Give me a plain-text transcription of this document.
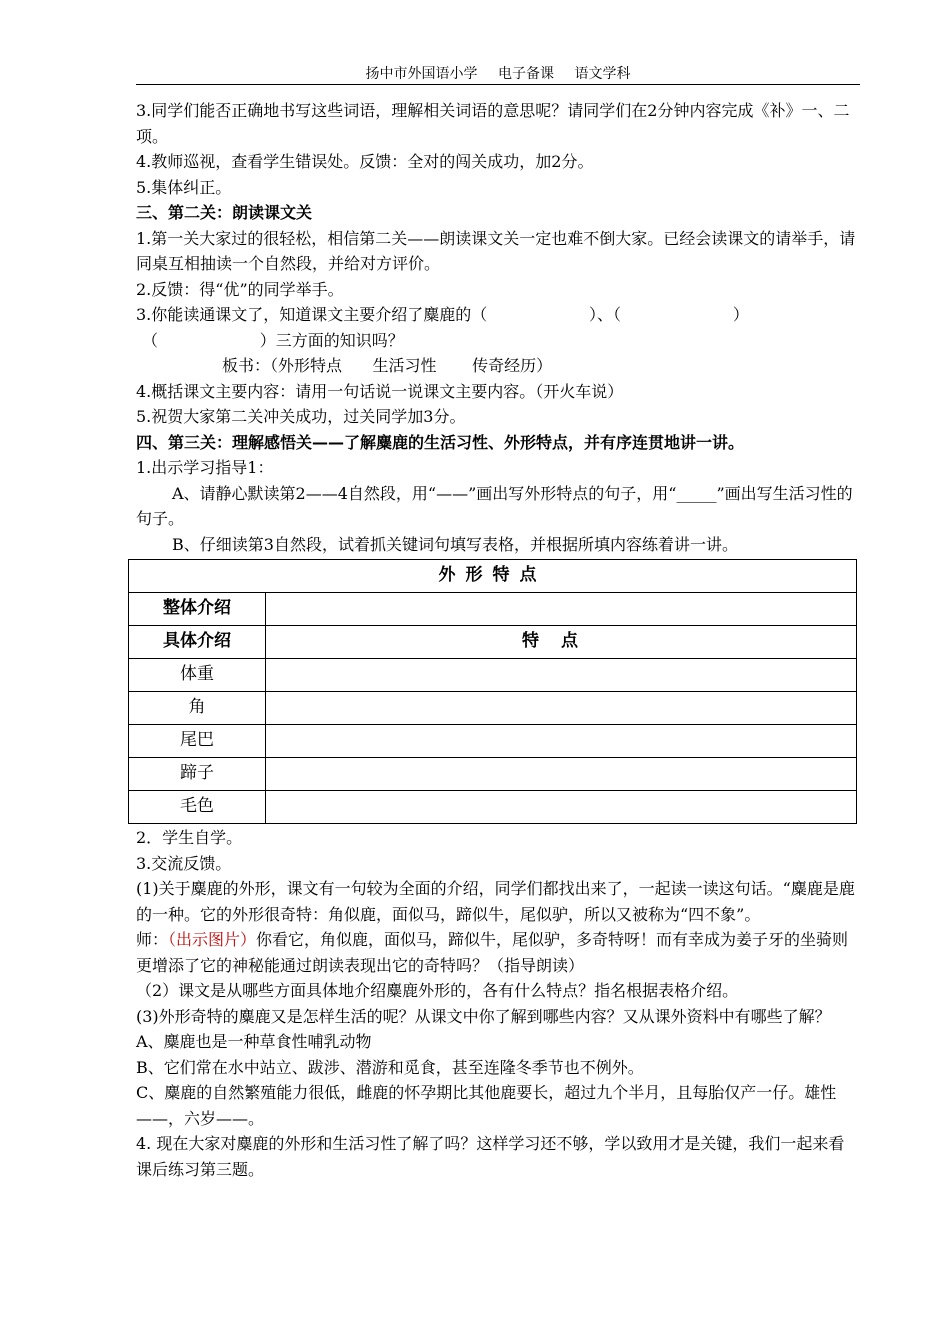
扬中市外国语小学 电子备课 语文学科

3.同学们能否正确地书写这些词语，理解相关词语的意思呢？请同学们在2分钟内容完成《补》一、二项。

4.教师巡视，查看学生错误处。反馈：全对的闯关成功，加2分。

5.集体纠正。

三、第二关：朗读课文关

1.第一关大家过的很轻松，相信第二关——朗读课文关一定也难不倒大家。已经会读课文的请举手，请同桌互相抽读一个自然段，并给对方评价。

2.反馈：得“优”的同学举手。

3.你能读通课文了，知道课文主要介绍了麋鹿的（                    ）、（                      ）

（                    ）三方面的知识吗？

板书：（外形特点      生活习性       传奇经历）

4.概括课文主要内容：请用一句话说一说课文主要内容。（开火车说）

5.祝贺大家第二关冲关成功，过关同学加3分。

四、第三关：理解感悟关——了解麋鹿的生活习性、外形特点，并有序连贯地讲一讲。

1.出示学习指导1：

A、请静心默读第2——4自然段，用“——”画出写外形特点的句子，用“_____”画出写生活习性的句子。

B、仔细读第3自然段，试着抓关键词句填写表格，并根据所填内容练着讲一讲。

外形特点	
整体介绍	
具体介绍	特点
体重	
角	
尾巴	
蹄子	
毛色	

2．学生自学。

3.交流反馈。

(1)关于麋鹿的外形，课文有一句较为全面的介绍，同学们都找出来了，一起读一读这句话。“麋鹿是鹿的一种。它的外形很奇特：角似鹿，面似马，蹄似牛，尾似驴，所以又被称为“四不象”。

师：（出示图片）你看它，角似鹿，面似马，蹄似牛，尾似驴，多奇特呀！而有幸成为姜子牙的坐骑则更增添了它的神秘能通过朗读表现出它的奇特吗？（指导朗读）

（2）课文是从哪些方面具体地介绍麋鹿外形的，各有什么特点？指名根据表格介绍。

(3)外形奇特的麋鹿又是怎样生活的呢？从课文中你了解到哪些内容？又从课外资料中有哪些了解？

A、麋鹿也是一种草食性哺乳动物

B、它们常在水中站立、跋涉、潜游和觅食，甚至连隆冬季节也不例外。

C、麋鹿的自然繁殖能力很低，雌鹿的怀孕期比其他鹿要长，超过九个半月，且每胎仅产一仔。雄性——，六岁——。

4. 现在大家对麋鹿的外形和生活习性了解了吗？这样学习还不够，学以致用才是关键，我们一起来看课后练习第三题。
